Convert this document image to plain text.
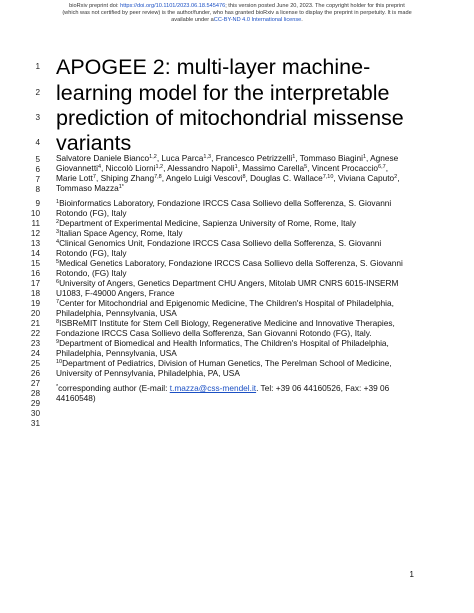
bioRxiv preprint doi: https://doi.org/10.1101/2023.06.18.545476; this version posted June 20, 2023. The copyright holder for this preprint
(which was not certified by peer review) is the author/funder, who has granted bioRxiv a license to display the preprint in perpetuity. It is made
available under aCC-BY-ND 4.0 International license.
1
2
3
4
5
6
7
8
9
10
11
12
13
14
15
16
17
18
19
20
21
22
23
24
25
26
27
28
29
30
31
APOGEE 2: multi-layer machine-
learning model for the interpretable
prediction of mitochondrial missense
variants
Salvatore Daniele Bianco$^{1,2}$, Luca Parca$^{1,3}$, Francesco Petrizzelli$^1$, Tommaso Biagini$^1$, Agnese
Giovannetti$^4$, Niccolò Liorni$^{1,2}$, Alessandro Napoli$^1$, Massimo Carella$^5$, Vincent Procaccio$^{6,7}$,
Marie Lott$^7$, Shiping Zhang$^{7,8}$, Angelo Luigi Vescovi$^8$, Douglas C. Wallace$^{7,10}$, Viviana Caputo$^2$,
Tommaso Mazza$^{1*}$
$^1$Bioinformatics Laboratory, Fondazione IRCCS Casa Sollievo della Sofferenza, S. Giovanni
Rotondo (FG), Italy
$^2$Department of Experimental Medicine, Sapienza University of Rome, Rome, Italy
$^3$Italian Space Agency, Rome, Italy
$^4$Clinical Genomics Unit, Fondazione IRCCS Casa Sollievo della Sofferenza, S. Giovanni
Rotondo (FG), Italy
$^5$Medical Genetics Laboratory, Fondazione IRCCS Casa Sollievo della Sofferenza, S. Giovanni
Rotondo, (FG) Italy
$^6$University of Angers, Genetics Department CHU Angers, Mitolab UMR CNRS 6015-INSERM
U1083, F-49000 Angers, France
$^7$Center for Mitochondrial and Epigenomic Medicine, The Children's Hospital of Philadelphia,
Philadelphia, Pennsylvania, USA
$^8$ISBReMIT Institute for Stem Cell Biology, Regenerative Medicine and Innovative Therapies,
Fondazione IRCCS Casa Sollievo della Sofferenza, San Giovanni Rotondo (FG), Italy.
$^9$Department of Biomedical and Health Informatics, The Children's Hospital of Philadelphia,
Philadelphia, Pennsylvania, USA
$^{10}$Department of Pediatrics, Division of Human Genetics, The Perelman School of Medicine,
University of Pennsylvania, Philadelphia, PA, USA
*corresponding author (E-mail: t.mazza@css-mendel.it. Tel: +39 06 44160526, Fax: +39 06
44160548)
1
